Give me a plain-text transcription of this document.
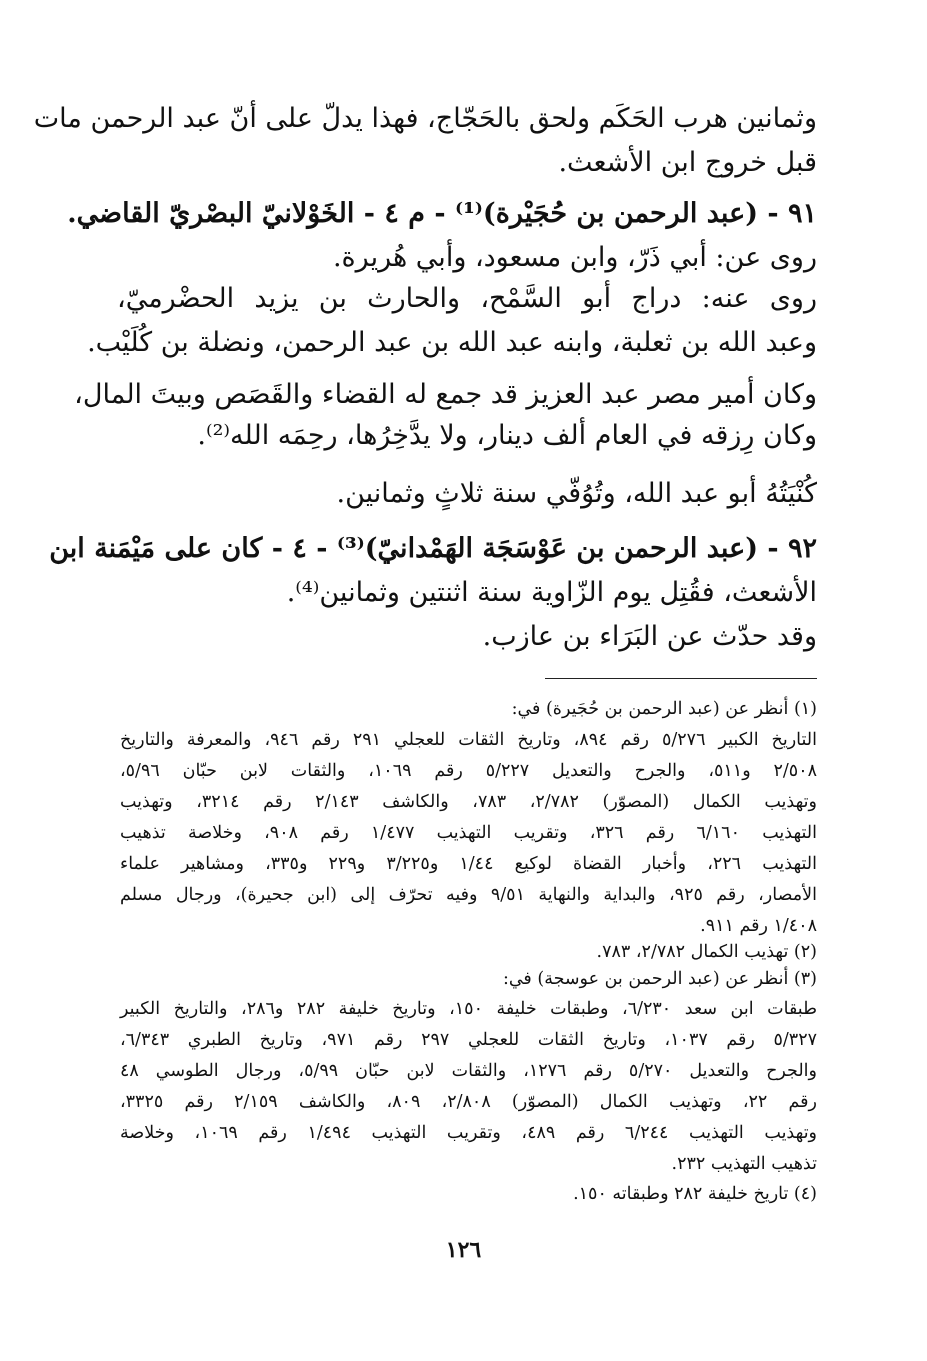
وثمانين هرب الحَكَم ولحق بالحَجّاج، فهذا يدلّ على أنّ عبد الرحمن مات
قبل خروج ابن الأشعث.
٩١ - (عبد الرحمن بن حُجَيْرة)⁽¹⁾ - م ٤ - الخَوْلانيّ البصْريّ القاضي.
روى عن: أبي ذَرّ، وابن مسعود، وأبي هُريرة.
روى عنه: دراج أبو السَّمْح، والحارث بن يزيد الحضْرميّ،
وعبد الله بن ثعلبة، وابنه عبد الله بن عبد الرحمن، ونضلة بن كُلَيْب.
وكان أمير مصر عبد العزيز قد جمع له القضاء والقَصَص وبيتَ المال،
وكان رِزقه في العام ألف دينار، ولا يدَّخِرُها، رحِمَه الله⁽²⁾.
كُنْيَتُهُ أبو عبد الله، وتُوُفّي سنة ثلاثٍ وثمانين.
٩٢ - (عبد الرحمن بن عَوْسَجَة الهَمْدانيّ)⁽³⁾ - ٤ - كان على مَيْمَنة ابن
الأشعث، فقُتِل يوم الزّاوية سنة اثنتين وثمانين⁽⁴⁾.
وقد حدّث عن البَرَاء بن عازب.
(١) أنظر عن (عبد الرحمن بن حُجَيرة) في:
التاريخ الكبير ٥/٢٧٦ رقم ٨٩٤، وتاريخ الثقات للعجلي ٢٩١ رقم ٩٤٦، والمعرفة والتاريخ
٢/٥٠٨ و٥١١، والجرح والتعديل ٥/٢٢٧ رقم ١٠٦٩، والثقات لابن حبّان ٥/٩٦،
وتهذيب الكمال (المصوّر) ٢/٧٨٢، ٧٨٣، والكاشف ٢/١٤٣ رقم ٣٢١٤، وتهذيب
التهذيب ٦/١٦٠ رقم ٣٢٦، وتقريب التهذيب ١/٤٧٧ رقم ٩٠٨، وخلاصة تذهيب
التهذيب ٢٢٦، وأخبار القضاة لوكيع ١/٤٤ و٣/٢٢٥ و٢٢٩ و٣٣٥، ومشاهير علماء
الأمصار، رقم ٩٢٥، والبداية والنهاية ٩/٥١ وفيه تحرّف إلى (ابن جحيرة)، ورجال مسلم
١/٤٠٨ رقم ٩١١.
(٢) تهذيب الكمال ٢/٧٨٢، ٧٨٣.
(٣) أنظر عن (عبد الرحمن بن عوسجة) في:
طبقات ابن سعد ٦/٢٣٠، وطبقات خليفة ١٥٠، وتاريخ خليفة ٢٨٢ و٢٨٦، والتاريخ الكبير
٥/٣٢٧ رقم ١٠٣٧، وتاريخ الثقات للعجلي ٢٩٧ رقم ٩٧١، وتاريخ الطبري ٦/٣٤٣،
والجرح والتعديل ٥/٢٧٠ رقم ١٢٧٦، والثقات لابن حبّان ٥/٩٩، ورجال الطوسي ٤٨
رقم ٢٢، وتهذيب الكمال (المصوّر) ٢/٨٠٨، ٨٠٩، والكاشف ٢/١٥٩ رقم ٣٣٢٥،
وتهذيب التهذيب ٦/٢٤٤ رقم ٤٨٩، وتقريب التهذيب ١/٤٩٤ رقم ١٠٦٩، وخلاصة
تذهيب التهذيب ٢٣٢.
(٤) تاريخ خليفة ٢٨٢ وطبقاته ١٥٠.
١٢٦
